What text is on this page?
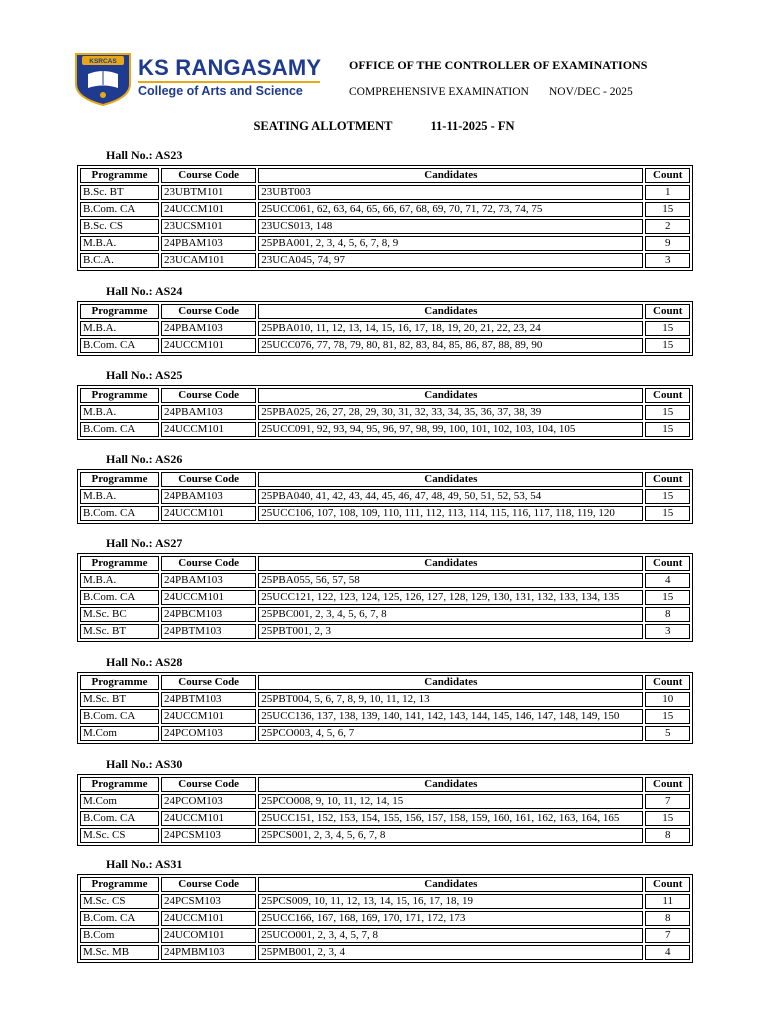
KSRCAS KS RANGASAMY
College of Arts and Science
OFFICE OF THE CONTROLLER OF EXAMINATIONS
COMPREHENSIVE EXAMINATION NOV/DEC - 2025
SEATING ALLOTMENT	11-11-2025 - FN
Hall No.: AS23
Programme	Course Code	Candidates	Count
B.Sc. BT	23UBTM101	23UBT003	1
B.Com. CA	24UCCM101	25UCC061, 62, 63, 64, 65, 66, 67, 68, 69, 70, 71, 72, 73, 74, 75	15
B.Sc. CS	23UCSM101	23UCS013, 148	2
M.B.A.	24PBAM103	25PBA001, 2, 3, 4, 5, 6, 7, 8, 9	9
B.C.A.	23UCAM101	23UCA045, 74, 97	3
Hall No.: AS24
Programme	Course Code	Candidates	Count
M.B.A.	24PBAM103	25PBA010, 11, 12, 13, 14, 15, 16, 17, 18, 19, 20, 21, 22, 23, 24	15
B.Com. CA	24UCCM101	25UCC076, 77, 78, 79, 80, 81, 82, 83, 84, 85, 86, 87, 88, 89, 90	15
Hall No.: AS25
Programme	Course Code	Candidates	Count
M.B.A.	24PBAM103	25PBA025, 26, 27, 28, 29, 30, 31, 32, 33, 34, 35, 36, 37, 38, 39	15
B.Com. CA	24UCCM101	25UCC091, 92, 93, 94, 95, 96, 97, 98, 99, 100, 101, 102, 103, 104, 105	15
Hall No.: AS26
Programme	Course Code	Candidates	Count
M.B.A.	24PBAM103	25PBA040, 41, 42, 43, 44, 45, 46, 47, 48, 49, 50, 51, 52, 53, 54	15
B.Com. CA	24UCCM101	25UCC106, 107, 108, 109, 110, 111, 112, 113, 114, 115, 116, 117, 118, 119, 120	15
Hall No.: AS27
Programme	Course Code	Candidates	Count
M.B.A.	24PBAM103	25PBA055, 56, 57, 58	4
B.Com. CA	24UCCM101	25UCC121, 122, 123, 124, 125, 126, 127, 128, 129, 130, 131, 132, 133, 134, 135	15
M.Sc. BC	24PBCM103	25PBC001, 2, 3, 4, 5, 6, 7, 8	8
M.Sc. BT	24PBTM103	25PBT001, 2, 3	3
Hall No.: AS28
Programme	Course Code	Candidates	Count
M.Sc. BT	24PBTM103	25PBT004, 5, 6, 7, 8, 9, 10, 11, 12, 13	10
B.Com. CA	24UCCM101	25UCC136, 137, 138, 139, 140, 141, 142, 143, 144, 145, 146, 147, 148, 149, 150	15
M.Com	24PCOM103	25PCO003, 4, 5, 6, 7	5
Hall No.: AS30
Programme	Course Code	Candidates	Count
M.Com	24PCOM103	25PCO008, 9, 10, 11, 12, 14, 15	7
B.Com. CA	24UCCM101	25UCC151, 152, 153, 154, 155, 156, 157, 158, 159, 160, 161, 162, 163, 164, 165	15
M.Sc. CS	24PCSM103	25PCS001, 2, 3, 4, 5, 6, 7, 8	8
Hall No.: AS31
Programme	Course Code	Candidates	Count
M.Sc. CS	24PCSM103	25PCS009, 10, 11, 12, 13, 14, 15, 16, 17, 18, 19	11
B.Com. CA	24UCCM101	25UCC166, 167, 168, 169, 170, 171, 172, 173	8
B.Com	24UCOM101	25UCO001, 2, 3, 4, 5, 7, 8	7
M.Sc. MB	24PMBM103	25PMB001, 2, 3, 4	4
